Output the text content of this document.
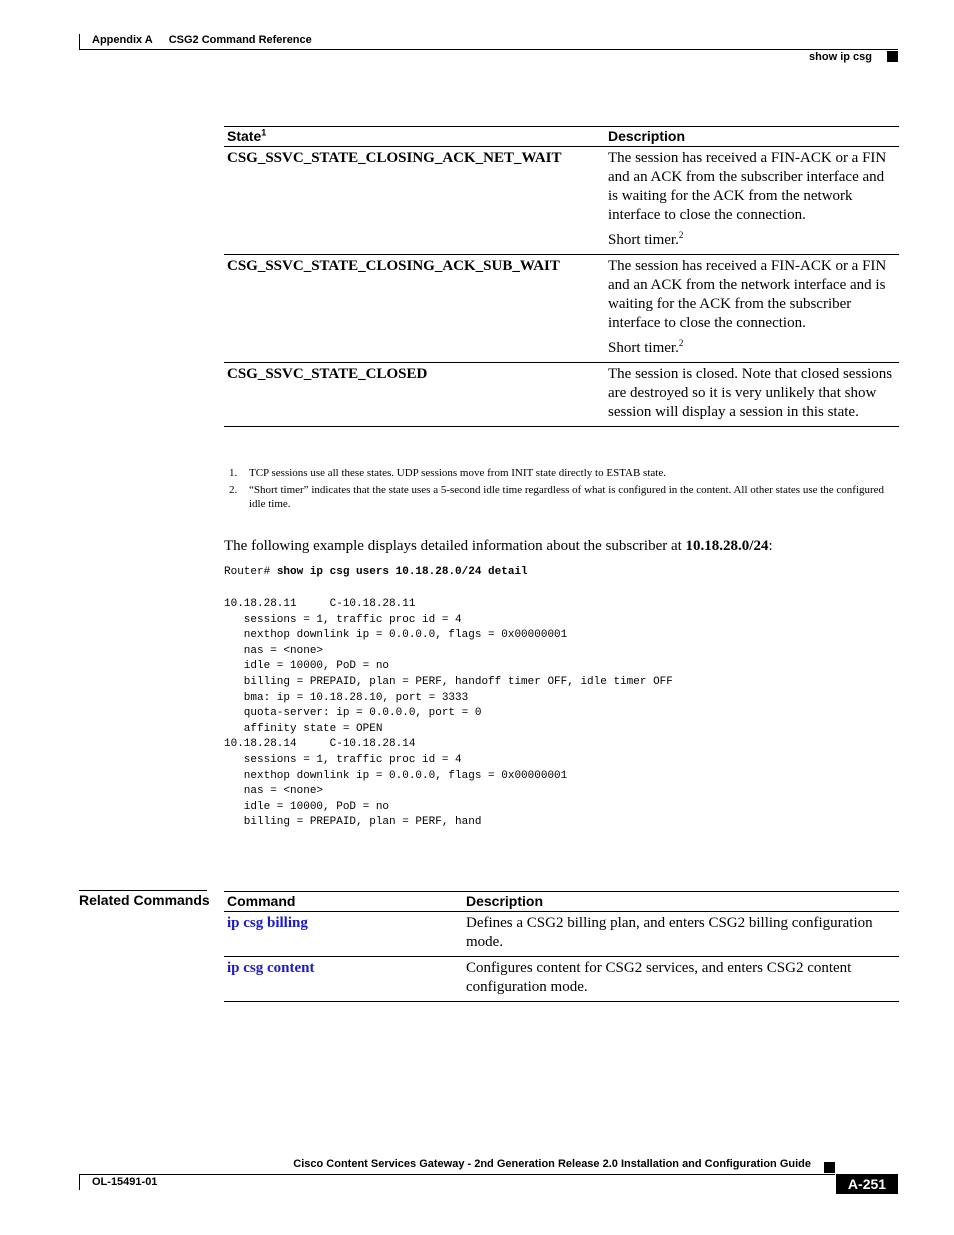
Appendix A CSG2 Command Reference
show ip csg
State$^1$	Description
CSG_SSVC_STATE_CLOSING_ACK_NET_WAIT	The session has received a FIN-ACK or a FIN and an ACK from the subscriber interface and is waiting for the ACK from the network interface to close the connection.

Short timer.$^2$

CSG_SSVC_STATE_CLOSING_ACK_SUB_WAIT	The session has received a FIN-ACK or a FIN and an ACK from the network interface and is waiting for the ACK from the subscriber interface to close the connection.

Short timer.$^2$

CSG_SSVC_STATE_CLOSED	The session is closed. Note that closed sessions are destroyed so it is very unlikely that show session will display a session in this state.

1. TCP sessions use all these states. UDP sessions move from INIT state directly to ESTAB state.
2. “Short timer” indicates that the state uses a 5-second idle time regardless of what is configured in the content. All other states use the configured idle time.
The following example displays detailed information about the subscriber at 10.18.28.0/24:
Router# show ip csg users 10.18.28.0/24 detail
10.18.28.11     C-10.18.28.11
sessions = 1, traffic proc id = 4
nexthop downlink ip = 0.0.0.0, flags = 0x00000001
nas = <none>
idle = 10000, PoD = no
billing = PREPAID, plan = PERF, handoff timer OFF, idle timer OFF
bma: ip = 10.18.28.10, port = 3333
quota-server: ip = 0.0.0.0, port = 0
affinity state = OPEN
10.18.28.14     C-10.18.28.14
sessions = 1, traffic proc id = 4
nexthop downlink ip = 0.0.0.0, flags = 0x00000001
nas = <none>
idle = 10000, PoD = no
billing = PREPAID, plan = PERF, hand
Related Commands Command	Description
ip csg billing	Defines a CSG2 billing plan, and enters CSG2 billing configuration mode.
ip csg content	Configures content for CSG2 services, and enters CSG2 content configuration mode.
Cisco Content Services Gateway - 2nd Generation Release 2.0 Installation and Configuration Guide
OL-15491-01	A-251
